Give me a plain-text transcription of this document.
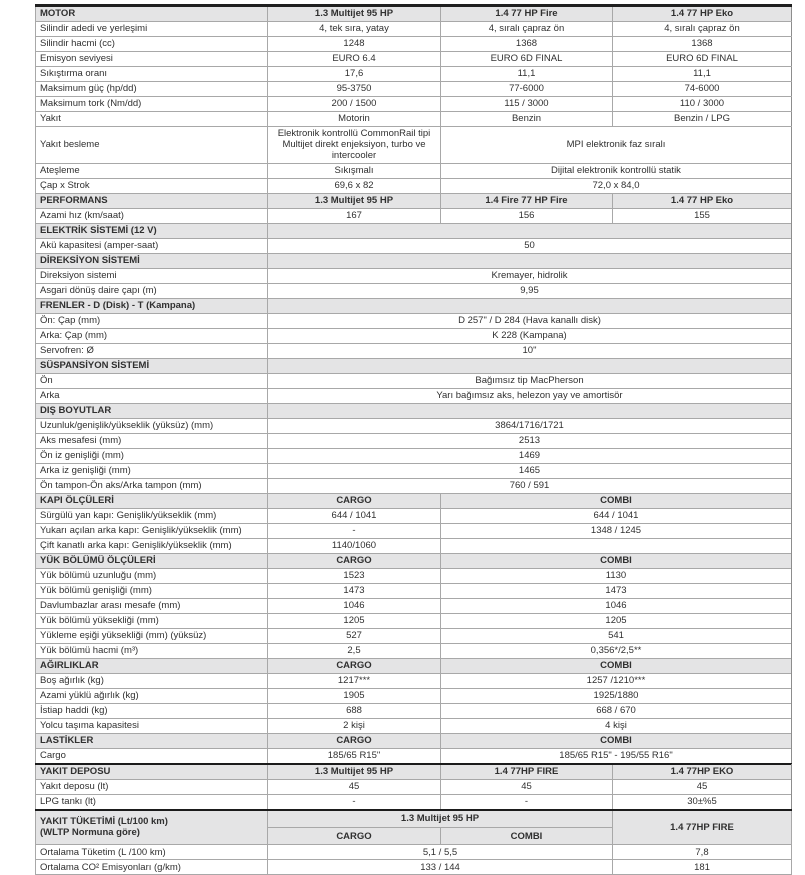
MOTOR	1.3 Multijet 95 HP	1.4 77 HP Fire	1.4 77 HP Eko	
Silindir adedi ve yerleşimi	4, tek sıra, yatay	4, sıralı çapraz ön	4, sıralı çapraz ön	
Silindir hacmi (cc)	1248	1368	1368	
Emisyon seviyesi	EURO 6.4	EURO 6D FINAL	EURO 6D FINAL	
Sıkıştırma oranı	17,6	11,1	11,1	
Maksimum güç (hp/dd)	95-3750	77-6000	74-6000	
Maksimum tork (Nm/dd)	200 / 1500	115 / 3000	110 / 3000	
Yakıt	Motorin	Benzin	Benzin / LPG	
Yakıt besleme	Elektronik kontrollü CommonRail tipi Multijet direkt enjeksiyon, turbo ve intercooler	MPI elektronik faz sıralı		
Ateşleme	Sıkışmalı	Dijital elektronik kontrollü statik		
Çap x Strok	69,6 x 82	72,0 x 84,0		

PERFORMANS	1.3 Multijet 95 HP	1.4 Fire 77 HP Fire	1.4 77 HP Eko	
Azami hız (km/saat)	167	156	155	

ELEKTRİK SİSTEMİ (12 V)				

Akü kapasitesi (amper-saat)	50			

DİREKSİYON SİSTEMİ				

Direksiyon sistemi	Kremayer, hidrolik			
Asgari dönüş daire çapı (m)	9,95			

FRENLER - D (Disk) - T (Kampana)				

Ön: Çap (mm)	D 257" / D 284 (Hava kanallı disk)			
Arka: Çap (mm)	K 228 (Kampana)			
Servofren: Ø	10"			

SÜSPANSİYON SİSTEMİ				

Ön	Bağımsız tip MacPherson			
Arka	Yarı bağımsız aks, helezon yay ve amortisör			

DIŞ BOYUTLAR				

Uzunluk/genişlik/yükseklik (yüksüz) (mm)	3864/1716/1721			
Aks mesafesi (mm)	2513			
Ön iz genişliği (mm)	1469			
Arka iz genişliği (mm)	1465			
Ön tampon-Ön aks/Arka tampon (mm)	760 / 591			

KAPI ÖLÇÜLERİ	CARGO	COMBI		
Sürgülü yan kapı: Genişlik/yükseklik (mm)	644 / 1041	644 / 1041		
Yukarı açılan arka kapı: Genişlik/yükseklik (mm)	-	1348 / 1245		
Çift kanatlı arka kapı: Genişlik/yükseklik (mm)	1140/1060			

YÜK BÖLÜMÜ ÖLÇÜLERİ	CARGO	COMBI		
Yük bölümü uzunluğu (mm)	1523	1130		
Yük bölümü genişliği (mm)	1473	1473		
Davlumbazlar arası mesafe (mm)	1046	1046		
Yük bölümü yüksekliği (mm)	1205	1205		
Yükleme eşiği yüksekliği (mm) (yüksüz)	527	541		
Yük bölümü hacmi (m³)	2,5	0,356*/2,5**		

AĞIRLIKLAR	CARGO	COMBI		
Boş ağırlık (kg)	1217***	1257 /1210***		
Azami yüklü ağırlık (kg)	1905	1925/1880		
İstiap haddi (kg)	688	668 / 670		
Yolcu taşıma kapasitesi	2 kişi	4 kişi		

LASTİKLER	CARGO	COMBI		
Cargo	185/65 R15"	185/65 R15" - 195/55 R16"		

YAKIT DEPOSU	1.3 Multijet 95 HP	1.4 77HP FIRE	1.4 77HP EKO	
Yakıt deposu (lt)	45	45	45	
LPG tankı (lt)	-	-	30±%5	

YAKIT TÜKETİMİ (Lt/100 km)
(WLTP Normuna göre)	1.3 Multijet 95 HP		1.4 77HP FIRE	
	CARGO	COMBI		
Ortalama Tüketim (L /100 km)	5,1 / 5,5		7,8	
Ortalama CO² Emisyonları (g/km)	133 / 144		181	
